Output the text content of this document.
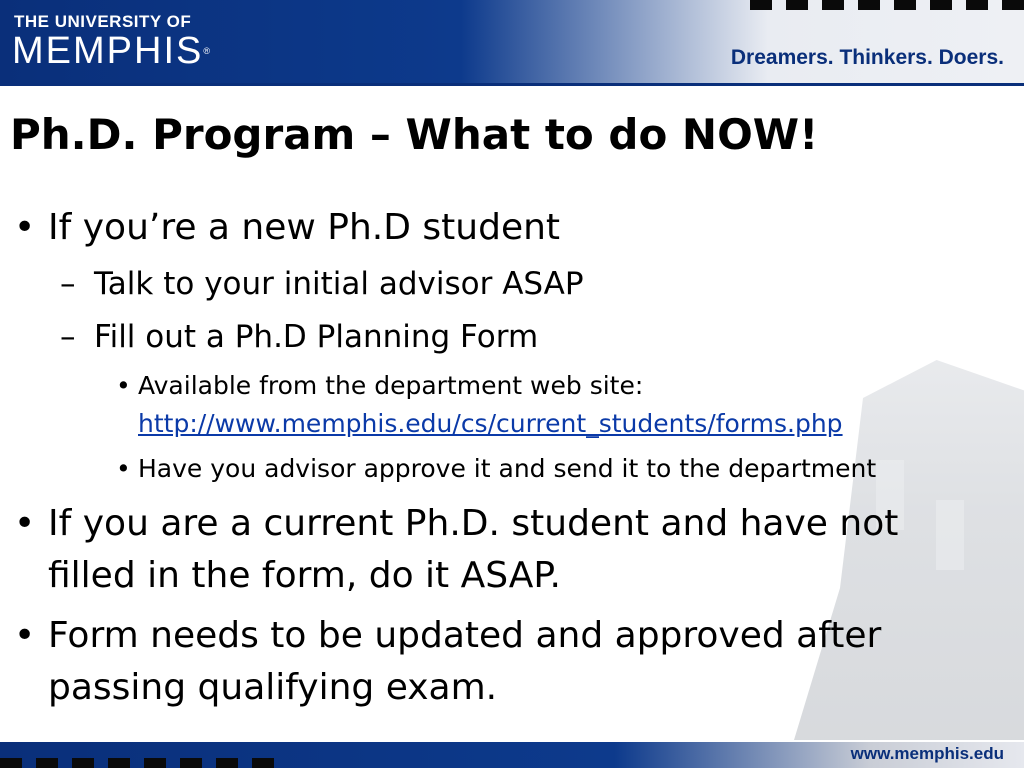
THE UNIVERSITY OF
MEMPHIS®	Dreamers. Thinkers. Doers.
Ph.D. Program – What to do NOW!
• If you’re a new Ph.D student
– Talk to your initial advisor ASAP
– Fill out a Ph.D Planning Form
• Available from the department web site:
http://www.memphis.edu/cs/current_students/forms.php
• Have you advisor approve it and send it to the department
• If you are a current Ph.D. student and have not
filled in the form, do it ASAP.
• Form needs to be updated and approved after
passing qualifying exam.
www.memphis.edu
